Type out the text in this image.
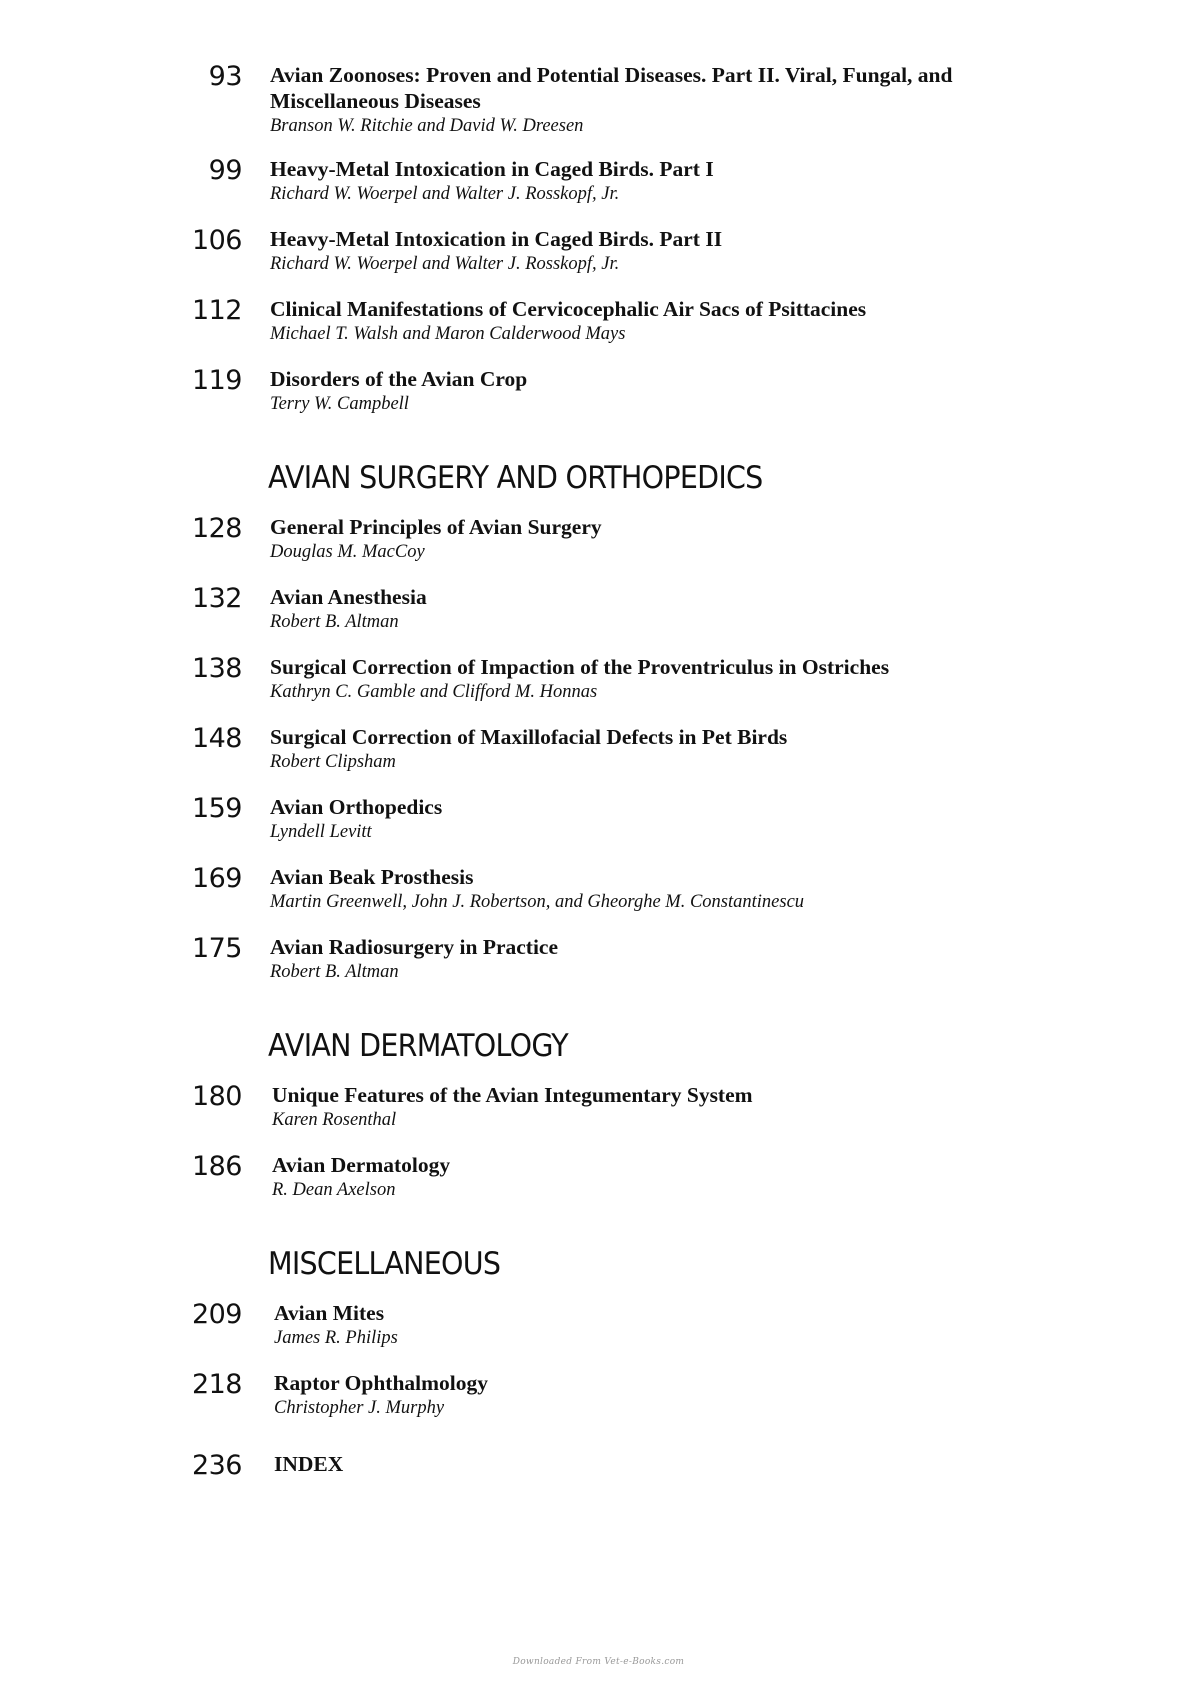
93 Avian Zoonoses: Proven and Potential Diseases. Part II. Viral, Fungal, and
Miscellaneous Diseases
Branson W. Ritchie and David W. Dreesen
99 Heavy-Metal Intoxication in Caged Birds. Part I
Richard W. Woerpel and Walter J. Rosskopf, Jr.
106 Heavy-Metal Intoxication in Caged Birds. Part II
Richard W. Woerpel and Walter J. Rosskopf, Jr.
112 Clinical Manifestations of Cervicocephalic Air Sacs of Psittacines
Michael T. Walsh and Maron Calderwood Mays
119 Disorders of the Avian Crop
Terry W. Campbell
AVIAN SURGERY AND ORTHOPEDICS
128 General Principles of Avian Surgery
Douglas M. MacCoy
132 Avian Anesthesia
Robert B. Altman
138 Surgical Correction of Impaction of the Proventriculus in Ostriches
Kathryn C. Gamble and Clifford M. Honnas
148 Surgical Correction of Maxillofacial Defects in Pet Birds
Robert Clipsham
159 Avian Orthopedics
Lyndell Levitt
169 Avian Beak Prosthesis
Martin Greenwell, John J. Robertson, and Gheorghe M. Constantinescu
175 Avian Radiosurgery in Practice
Robert B. Altman
AVIAN DERMATOLOGY
180 Unique Features of the Avian Integumentary System
Karen Rosenthal
186 Avian Dermatology
R. Dean Axelson
MISCELLANEOUS
209 Avian Mites
James R. Philips
218 Raptor Ophthalmology
Christopher J. Murphy
236 INDEX
Downloaded From Vet-e-Books.com
